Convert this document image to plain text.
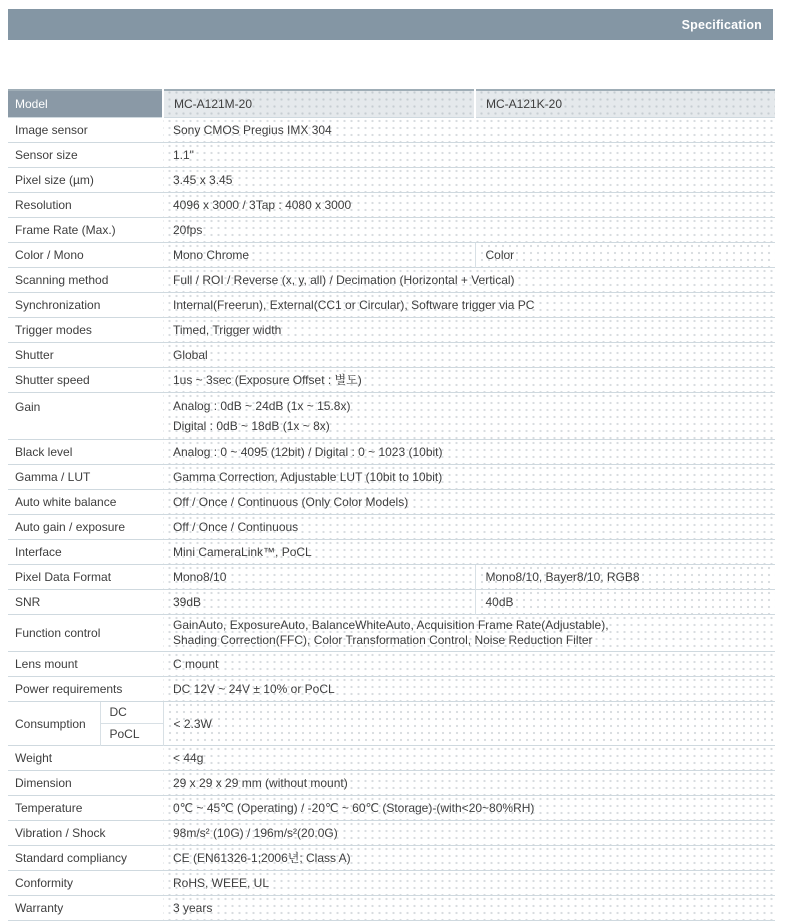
Specification
Model		MC-A121M-20	MC-A121K-20
Image sensor		Sony CMOS Pregius IMX 304	
Sensor size		1.1"	
Pixel size (µm)		3.45 x 3.45	
Resolution		4096 x 3000 / 3Tap : 4080 x 3000	
Frame Rate (Max.)		20fps	
Color / Mono		Mono Chrome	Color
Scanning method		Full / ROI / Reverse (x, y, all) / Decimation (Horizontal + Vertical)	
Synchronization		Internal(Freerun), External(CC1 or Circular), Software trigger via PC	
Trigger modes		Timed, Trigger width	
Shutter		Global	
Shutter speed		1us ~ 3sec (Exposure Offset : 별도)	
Gain		Analog : 0dB ~ 24dB (1x ~ 15.8x)
Digital : 0dB ~ 18dB (1x ~ 8x)	

Black level		Analog : 0 ~ 4095 (12bit) / Digital : 0 ~ 1023 (10bit)	
Gamma / LUT		Gamma Correction, Adjustable LUT (10bit to 10bit)	
Auto white balance		Off / Once / Continuous (Only Color Models)	
Auto gain / exposure		Off / Once / Continuous	
Interface		Mini CameraLink™, PoCL	
Pixel Data Format		Mono8/10	Mono8/10, Bayer8/10, RGB8
SNR		39dB	40dB
Function control		GainAuto, ExposureAuto, BalanceWhiteAuto, Acquisition Frame Rate(Adjustable),
Shading Correction(FFC), Color Transformation Control, Noise Reduction Filter	

Lens mount		C mount	
Power requirements		DC 12V ~ 24V ± 10% or PoCL	
Consumption	DC	< 2.3W	
	PoCL		
Weight		< 44g	
Dimension		29 x 29 x 29 mm (without mount)	
Temperature		0℃ ~ 45℃ (Operating) / -20℃ ~ 60℃ (Storage)-(with<20~80%RH)	
Vibration / Shock		98m/s² (10G) / 196m/s²(20.0G)	
Standard compliancy		CE (EN61326-1;2006년; Class A)	
Conformity		RoHS, WEEE, UL	
Warranty		3 years	
